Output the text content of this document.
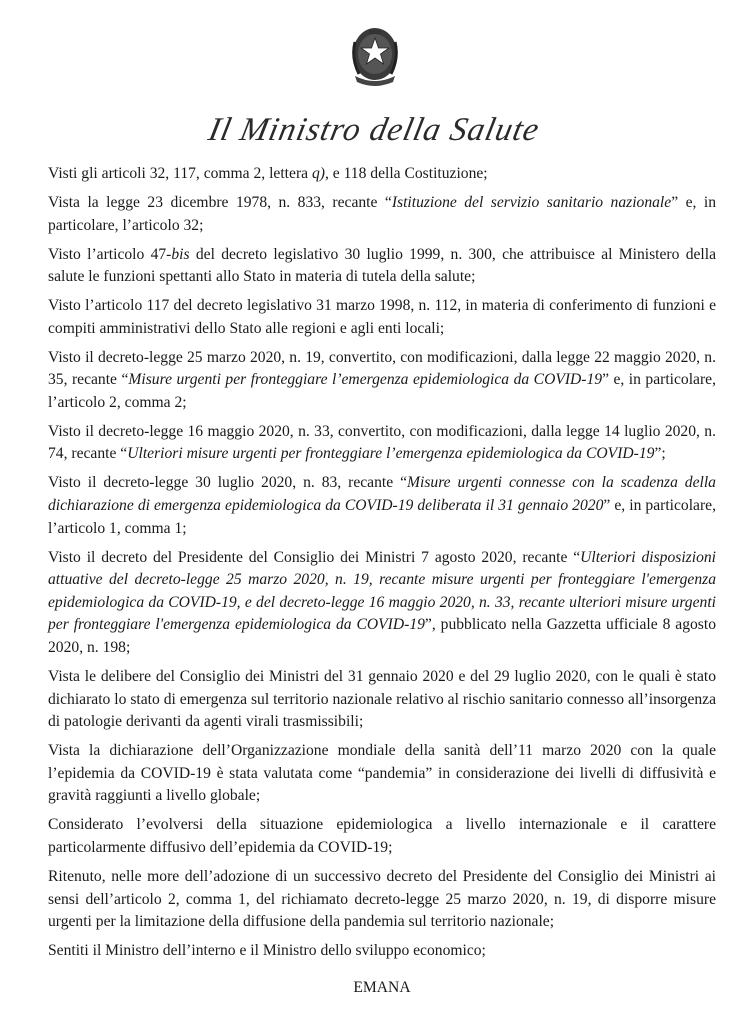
Il Ministro della Salute

Visti gli articoli 32, 117, comma 2, lettera q), e 118 della Costituzione;

Vista la legge 23 dicembre 1978, n. 833, recante “Istituzione del servizio sanitario nazionale” e, in particolare, l’articolo 32;

Visto l’articolo 47-bis del decreto legislativo 30 luglio 1999, n. 300, che attribuisce al Ministero della salute le funzioni spettanti allo Stato in materia di tutela della salute;

Visto l’articolo 117 del decreto legislativo 31 marzo 1998, n. 112, in materia di conferimento di funzioni e compiti amministrativi dello Stato alle regioni e agli enti locali;

Visto il decreto-legge 25 marzo 2020, n. 19, convertito, con modificazioni, dalla legge 22 maggio 2020, n. 35, recante “Misure urgenti per fronteggiare l’emergenza epidemiologica da COVID-19” e, in particolare, l’articolo 2, comma 2;

Visto il decreto-legge 16 maggio 2020, n. 33, convertito, con modificazioni, dalla legge 14 luglio 2020, n. 74, recante “Ulteriori misure urgenti per fronteggiare l’emergenza epidemiologica da COVID-19”;

Visto il decreto-legge 30 luglio 2020, n. 83, recante “Misure urgenti connesse con la scadenza della dichiarazione di emergenza epidemiologica da COVID-19 deliberata il 31 gennaio 2020” e, in particolare, l’articolo 1, comma 1;

Visto il decreto del Presidente del Consiglio dei Ministri 7 agosto 2020, recante “Ulteriori disposizioni attuative del decreto-legge 25 marzo 2020, n. 19, recante misure urgenti per fronteggiare l'emergenza epidemiologica da COVID-19, e del decreto-legge 16 maggio 2020, n. 33, recante ulteriori misure urgenti per fronteggiare l'emergenza epidemiologica da COVID-19”, pubblicato nella Gazzetta ufficiale 8 agosto 2020, n. 198;

Vista le delibere del Consiglio dei Ministri del 31 gennaio 2020 e del 29 luglio 2020, con le quali è stato dichiarato lo stato di emergenza sul territorio nazionale relativo al rischio sanitario connesso all’insorgenza di patologie derivanti da agenti virali trasmissibili;

Vista la dichiarazione dell’Organizzazione mondiale della sanità dell’11 marzo 2020 con la quale l’epidemia da COVID-19 è stata valutata come “pandemia” in considerazione dei livelli di diffusività e gravità raggiunti a livello globale;

Considerato l’evolversi della situazione epidemiologica a livello internazionale e il carattere particolarmente diffusivo dell’epidemia da COVID-19;

Ritenuto, nelle more dell’adozione di un successivo decreto del Presidente del Consiglio dei Ministri ai sensi dell’articolo 2, comma 1, del richiamato decreto-legge 25 marzo 2020, n. 19, di disporre misure urgenti per la limitazione della diffusione della pandemia sul territorio nazionale;

Sentiti il Ministro dell’interno e il Ministro dello sviluppo economico;

EMANA
